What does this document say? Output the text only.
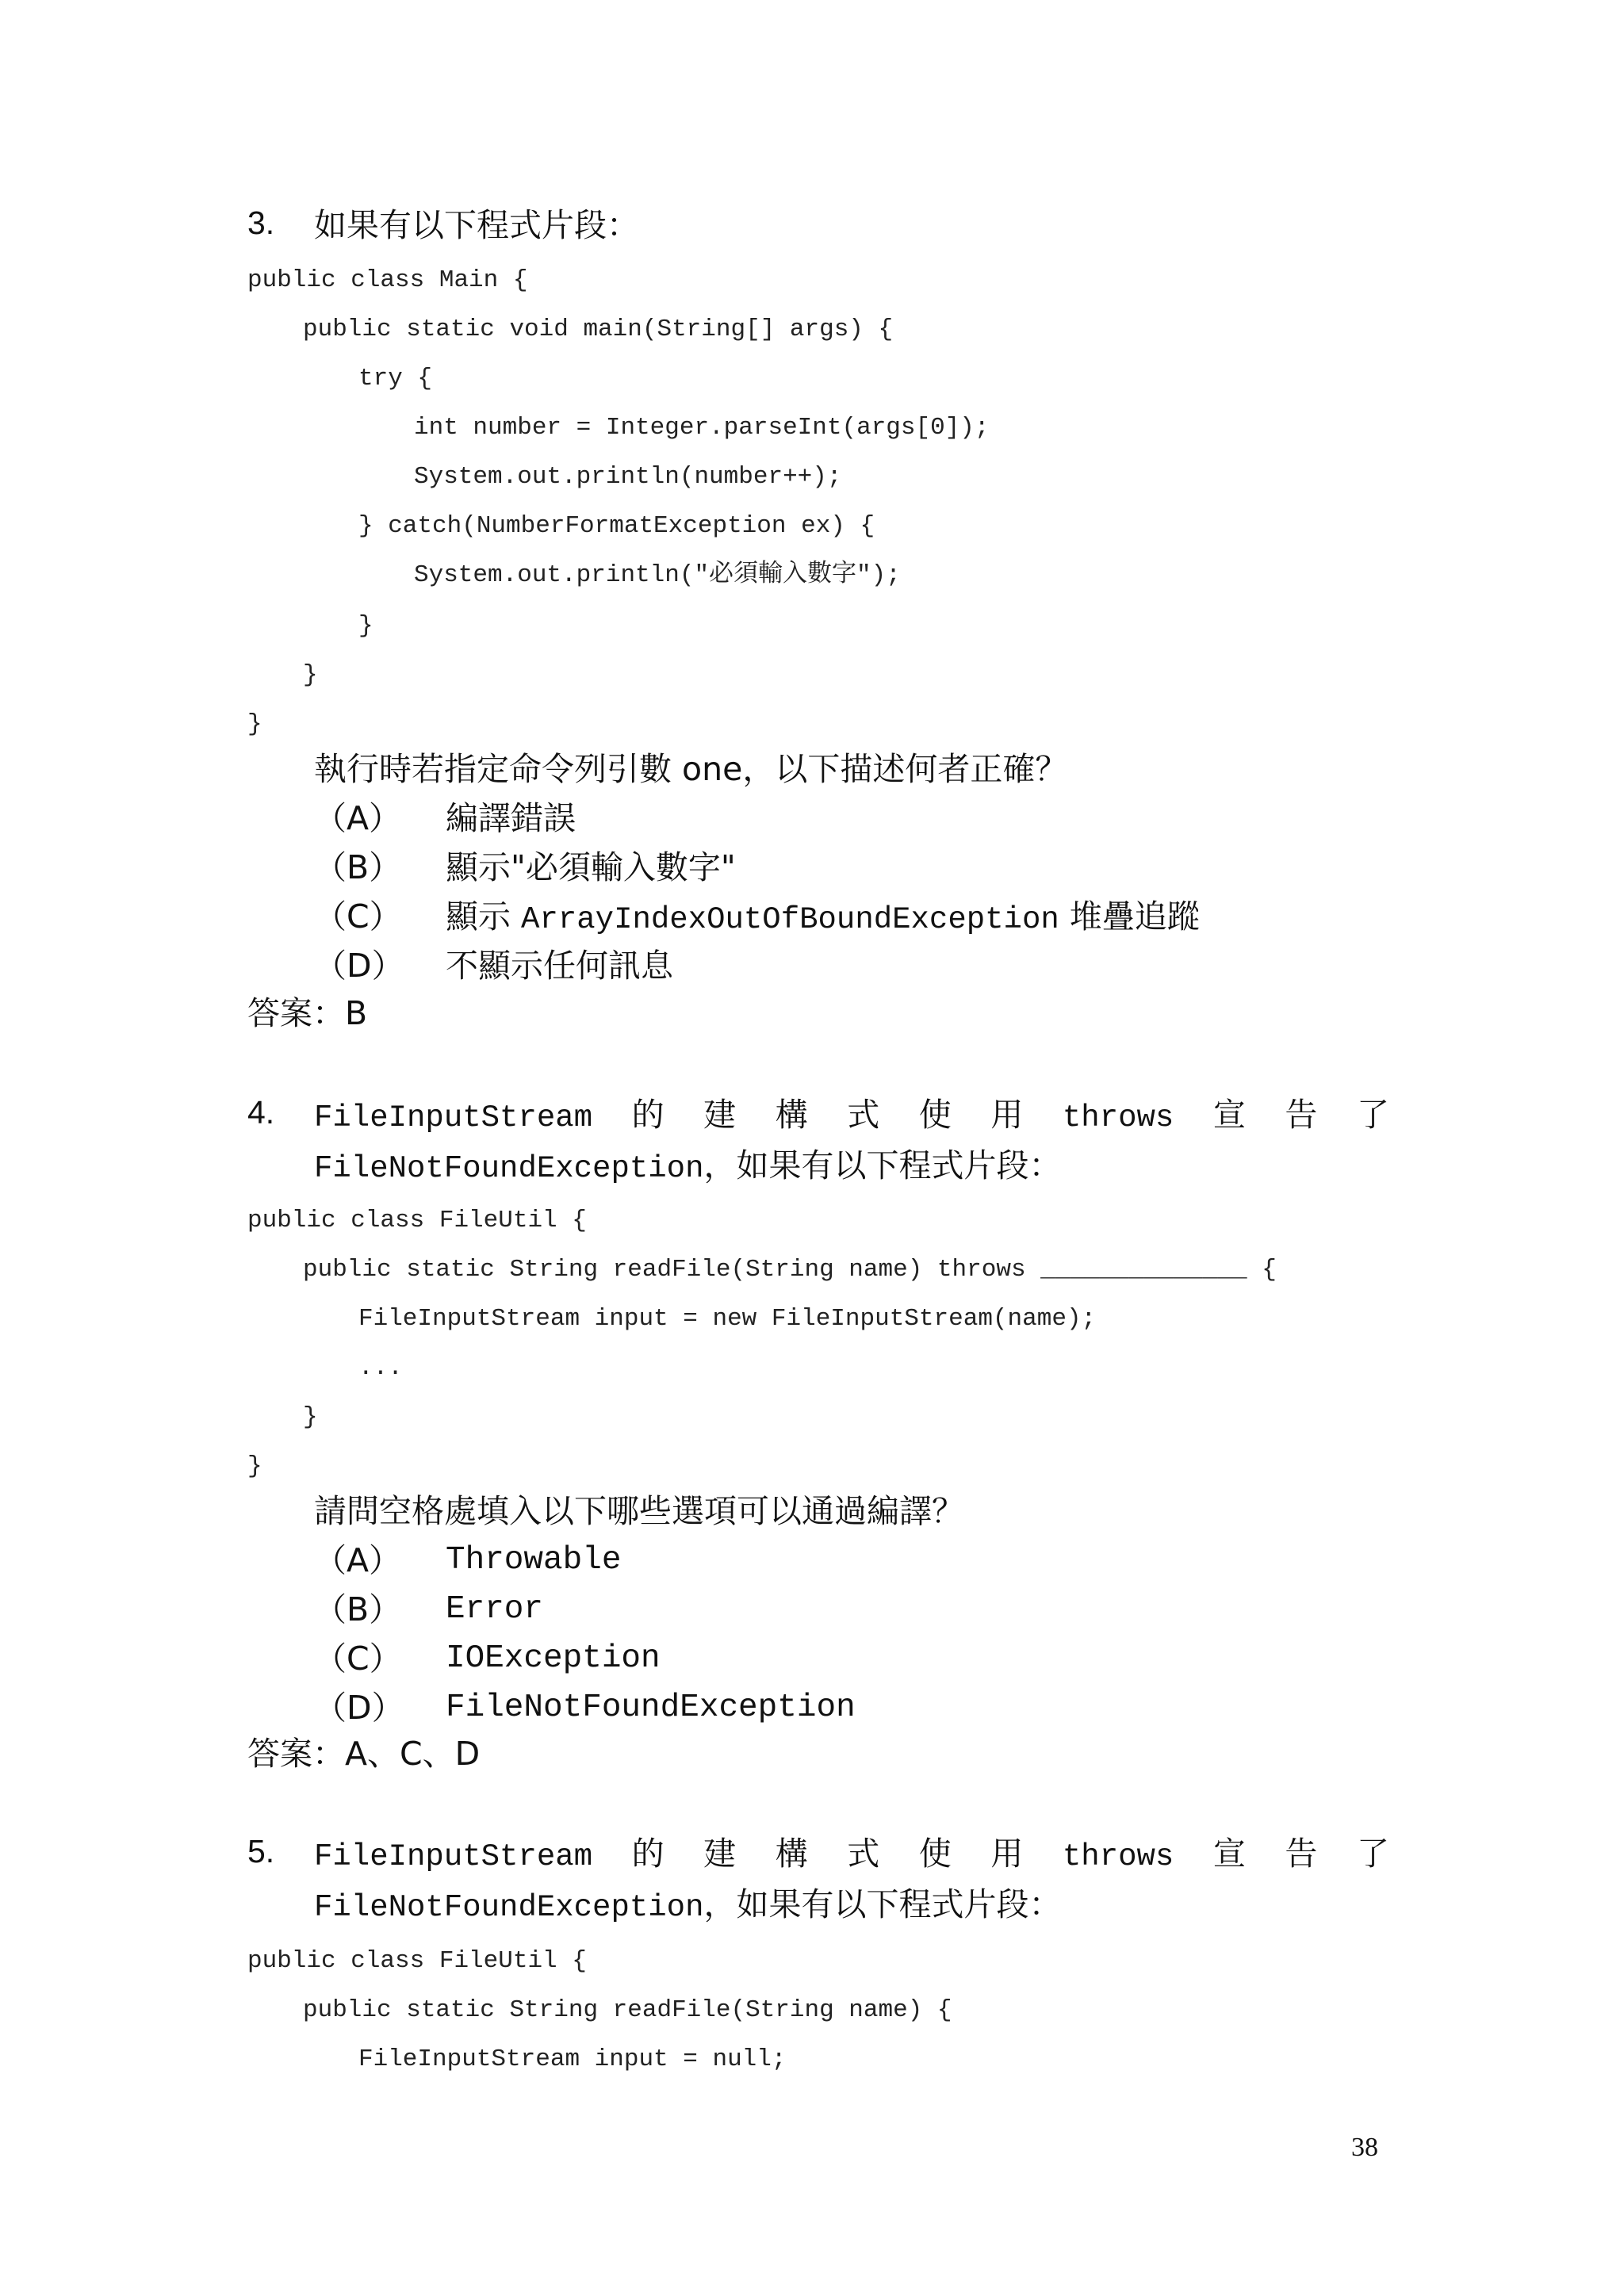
3. 如果有以下程式片段：
public class Main {
public static void main(String[] args) {
try {
int number = Integer.parseInt(args[0]);
System.out.println(number++);
} catch(NumberFormatException ex) {
System.out.println("必須輸入數字");
}
}
}
執行時若指定命令列引數 one，以下描述何者正確？
（A） 編譯錯誤
（B） 顯示"必須輸入數字"
（C） 顯示 ArrayIndexOutOfBoundException 堆疊追蹤
（D） 不顯示任何訊息
答案：B
4. FileInputStream 的 建 構 式 使 用 throws 宣 告 了
FileNotFoundException，如果有以下程式片段：
public class FileUtil {
public static String readFile(String name) throws ______________ {
FileInputStream input = new FileInputStream(name);
...
}
}
請問空格處填入以下哪些選項可以通過編譯？
（A） Throwable
（B） Error
（C） IOException
（D） FileNotFoundException
答案：A、C、D
5. FileInputStream 的 建 構 式 使 用 throws 宣 告 了
FileNotFoundException，如果有以下程式片段：
public class FileUtil {
public static String readFile(String name) {
FileInputStream input = null;
38
